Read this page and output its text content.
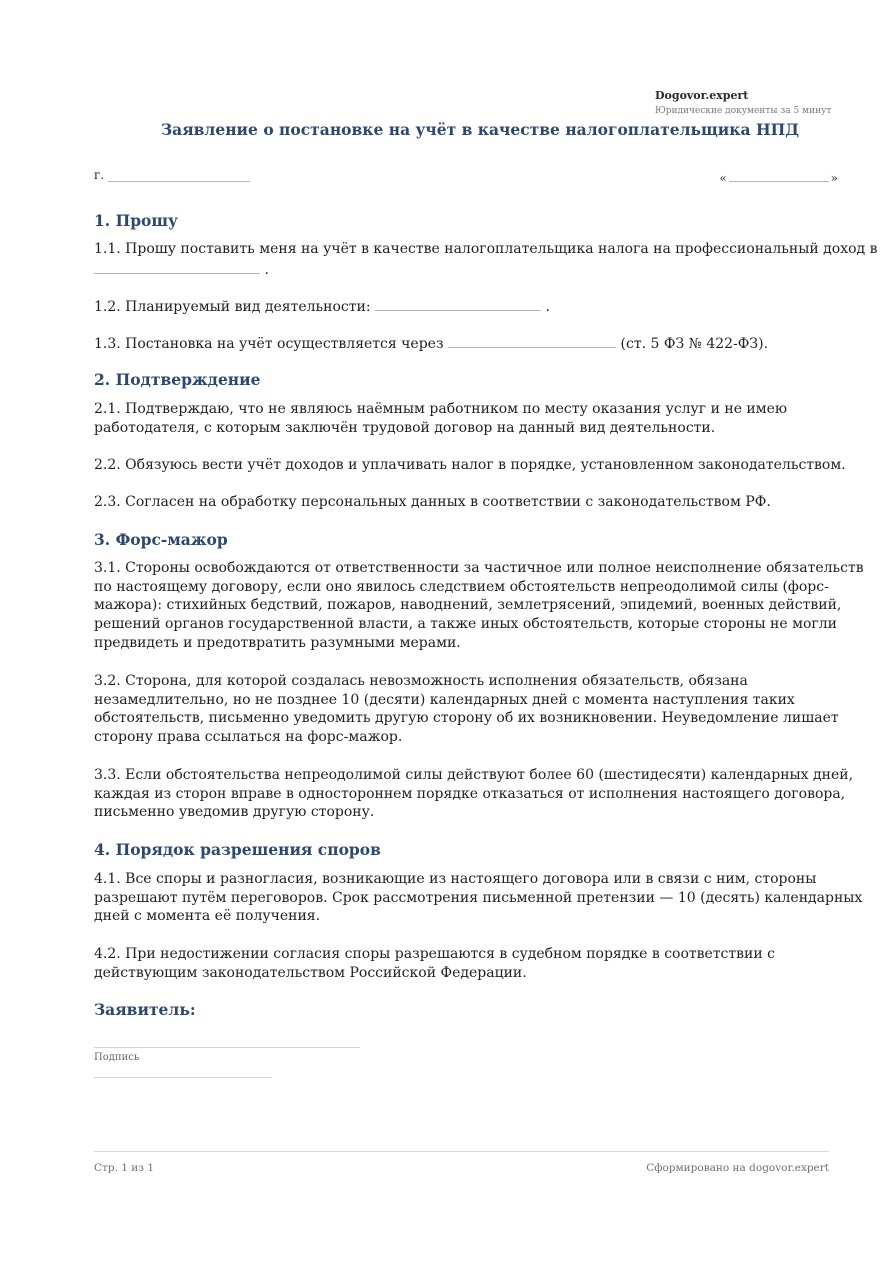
Dogovor.expert
Юридические документы за 5 минут
Заявление о постановке на учёт в качестве налогоплательщика НПД
г.	«	»
1. Прошу
1.1. Прошу поставить меня на учёт в качестве налогоплательщика налога на профессиональный доход в
.
1.2. Планируемый вид деятельности:	.
1.3. Постановка на учёт осуществляется через	(ст. 5 ФЗ № 422-ФЗ).
2. Подтверждение
2.1. Подтверждаю, что не являюсь наёмным работником по месту оказания услуг и не имею работодателя, с которым заключён трудовой договор на данный вид деятельности.
2.2. Обязуюсь вести учёт доходов и уплачивать налог в порядке, установленном законодательством.
2.3. Согласен на обработку персональных данных в соответствии с законодательством РФ.
3. Форс-мажор
3.1. Стороны освобождаются от ответственности за частичное или полное неисполнение обязательств по настоящему договору, если оно явилось следствием обстоятельств непреодолимой силы (форс-мажора): стихийных бедствий, пожаров, наводнений, землетрясений, эпидемий, военных действий, решений органов государственной власти, а также иных обстоятельств, которые стороны не могли предвидеть и предотвратить разумными мерами.
3.2. Сторона, для которой создалась невозможность исполнения обязательств, обязана незамедлительно, но не позднее 10 (десяти) календарных дней с момента наступления таких обстоятельств, письменно уведомить другую сторону об их возникновении. Неуведомление лишает сторону права ссылаться на форс-мажор.
3.3. Если обстоятельства непреодолимой силы действуют более 60 (шестидесяти) календарных дней, каждая из сторон вправе в одностороннем порядке отказаться от исполнения настоящего договора, письменно уведомив другую сторону.
4. Порядок разрешения споров
4.1. Все споры и разногласия, возникающие из настоящего договора или в связи с ним, стороны разрешают путём переговоров. Срок рассмотрения письменной претензии — 10 (десять) календарных дней с момента её получения.
4.2. При недостижении согласия споры разрешаются в судебном порядке в соответствии с действующим законодательством Российской Федерации.
Заявитель:
Подпись
Стр. 1 из 1	Сформировано на dogovor.expert
